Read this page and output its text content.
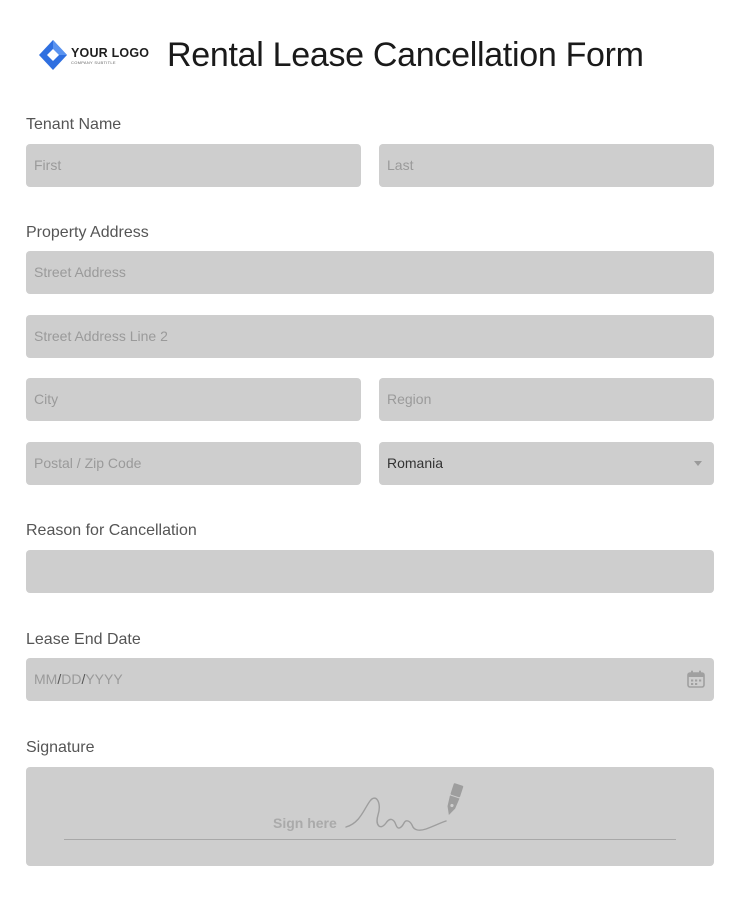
YOUR LOGO
COMPANY SUBTITLE Rental Lease Cancellation Form
Tenant Name
First	Last
Property Address
Street Address
Street Address Line 2
City	Region
Postal / Zip Code	Romania
Reason for Cancellation
Lease End Date
MM/DD/YYYY
Signature
Sign here
